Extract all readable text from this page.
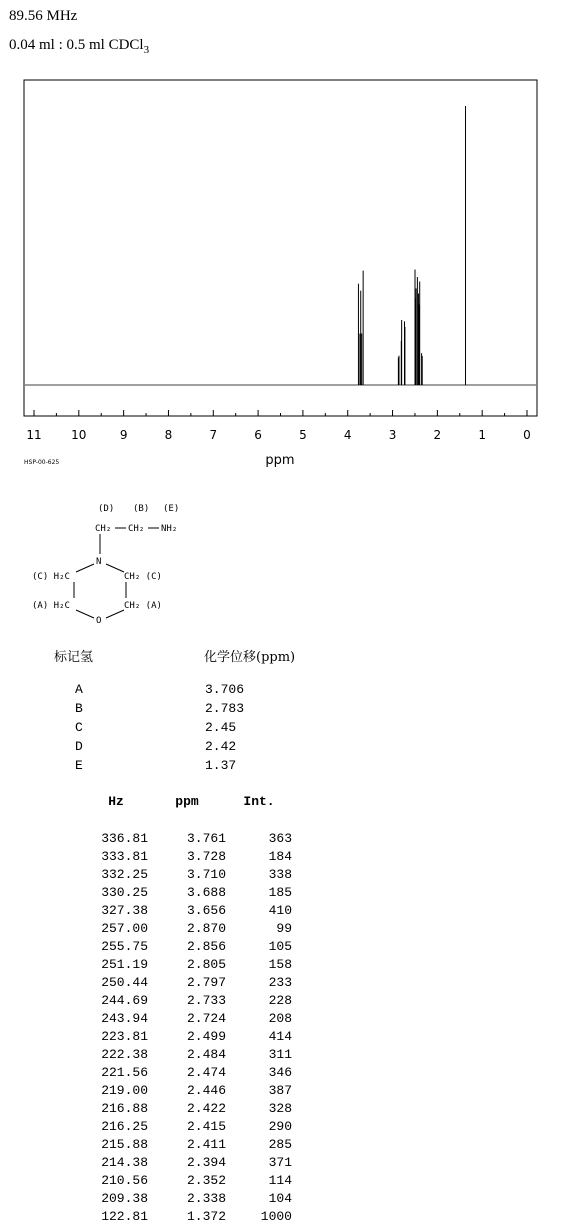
89.56 MHz
0.04 ml : 0.5 ml CDCl$_3$
11 10	9	8	7	6	5	4	3	2	1	0
ppm
HSP-00-625
(D) (B) (E)
CH₂ CH₂ NH₂
N
(C) H₂C	CH₂ (C)
(A) H₂C	CH₂ (A)
O
标记氢	化学位移(ppm)
A	3.706
B	2.783
C	2.45
D	2.42
E	1.37
Hz	ppm	Int.

336.81	3.761	363
333.81	3.728	184
332.25	3.710	338
330.25	3.688	185
327.38	3.656	410
257.00	2.870	99
255.75	2.856	105
251.19	2.805	158
250.44	2.797	233
244.69	2.733	228
243.94	2.724	208
223.81	2.499	414
222.38	2.484	311
221.56	2.474	346
219.00	2.446	387
216.88	2.422	328
216.25	2.415	290
215.88	2.411	285
214.38	2.394	371
210.56	2.352	114
209.38	2.338	104
122.81	1.372	1000
